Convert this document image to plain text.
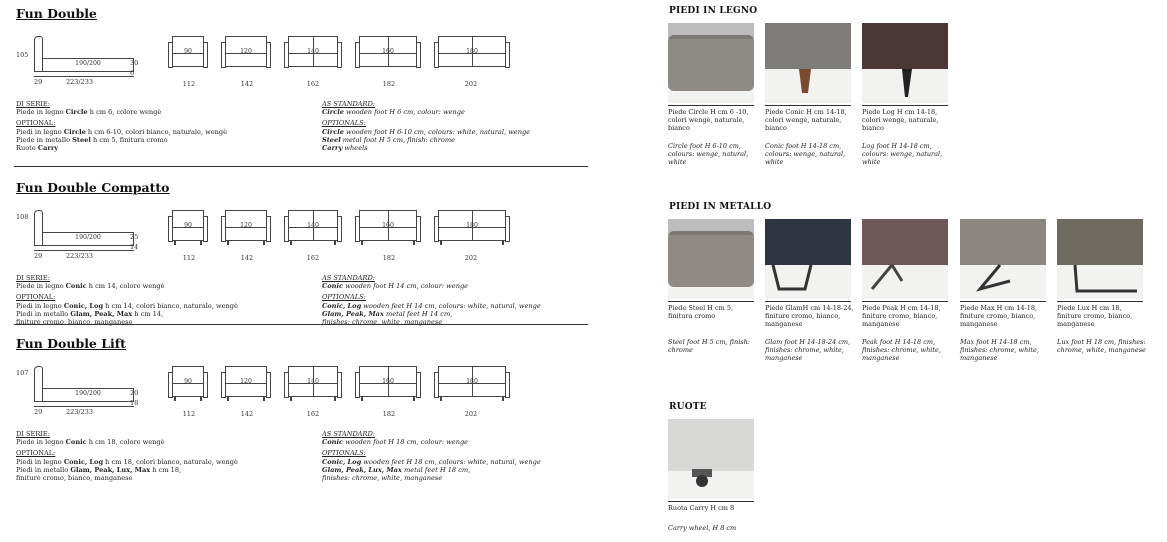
Fun Double
105
190/200	30
6
29	223/233
90
112
120
142
140
162
160
182
180
202
DI SERIE:
Piede in legno Circle h cm 6, colore wengè
OPTIONAL:
Piedi in legno Circle h cm 6-10, colori bianco, naturale, wengè
Piede in metallo Steel h cm 5, finitura cromo
Ruote Carry
AS STANDARD:
Circle wooden foot H 6 cm, colour: wenge
OPTIONALS:
Circle wooden foot H 6-10 cm, colours: white, natural, wenge
Steel metal foot H 5 cm, finish: chrome
Carry wheels
Fun Double Compatto
108
190/200	25
14
29	223/233
90
112
120
142
140
162
160
182
180
202
DI SERIE:
Piede in legno Conic h cm 14, colore wengè
OPTIONAL:
Piedi in legno Conic, Log h cm 14, colori bianco, naturale, wengè
Piedi in metallo Glam, Peak, Max h cm 14,
finiture cromo, bianco, manganese
AS STANDARD:
Conic wooden foot H 14 cm, colour: wenge
OPTIONALS:
Conic, Log wooden feet H 14 cm, colours: white, natural, wenge
Glam, Peak, Max metal feet H 14 cm,
finishes: chrome, white, manganese
Fun Double Lift
107
190/200	20
18
29	223/233
90
112
120
142
140
162
160
182
180
202
DI SERIE:
Piede in legno Conic h cm 18, colore wengè
OPTIONAL:
Piedi in legno Conic, Log h cm 18, colori bianco, naturale, wengè
Piedi in metallo Glam, Peak, Lux, Max h cm 18,
finiture cromo, bianco, manganese
AS STANDARD:
Conic wooden foot H 18 cm, colour: wenge
OPTIONALS:
Conic, Log wooden feet H 18 cm, colours: white, natural, wenge
Glam, Peak, Lux, Max metal feet H 18 cm,
finishes: chrome, white, manganese
PIEDI IN LEGNO
Piede Circle H cm 6 -10, colori wengè, naturale, bianco
Circle foot H 6-10 cm, colours: wenge, natural, white
Piede Conic H cm 14-18, colori wengè, naturale, bianco
Conic foot H 14-18 cm, colours: wenge, natural, white
Piede Log H cm 14-18, colori wengè, naturale, bianco
Log foot H 14-18 cm, colours: wenge, natural, white
PIEDI IN METALLO
Piede Steel H cm 5, finitura cromo
Steel foot H 5 cm, finish: chrome
Piede GlamH cm 14-18-24, finiture cromo, bianco, manganese
Glam foot H 14-18-24 cm, finishes: chrome, white, manganese
Piede Peak H cm 14-18, finiture cromo, bianco, manganese
Peak foot H 14-18 cm, finishes: chrome, white, manganese
Piede Max H cm 14-18, finiture cromo, bianco, manganese
Max foot H 14-18 cm, finishes: chrome, white, manganese
Piede Lux H cm 18, finiture cromo, bianco, manganese
Lux foot H 18 cm, finishes: chrome, white, manganese
RUOTE
Ruota Carry H cm 8
Carry wheel, H 8 cm
